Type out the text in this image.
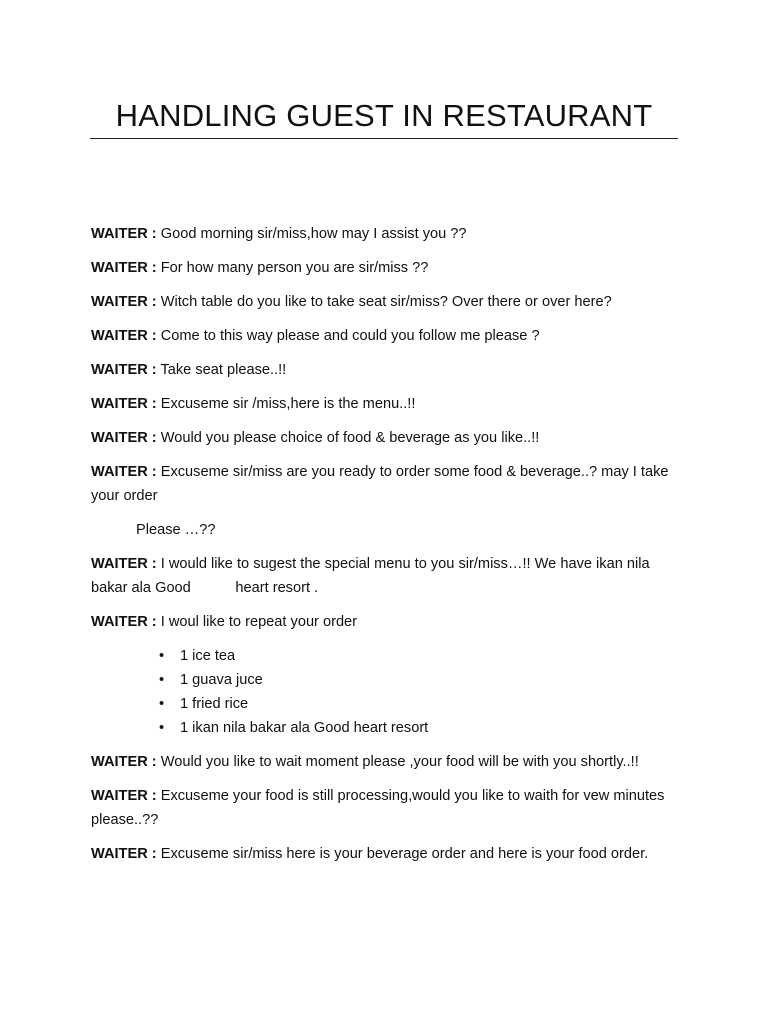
HANDLING GUEST IN RESTAURANT

WAITER : Good morning sir/miss,how may I assist you ??

WAITER : For how many person you are sir/miss ??

WAITER : Witch table do you like to take seat sir/miss? Over there or over here?

WAITER : Come to this way please and could you follow me please ?

WAITER : Take seat please..!!

WAITER : Excuseme sir /miss,here is the menu..!!

WAITER : Would you please choice of food & beverage as you like..!!

WAITER : Excuseme sir/miss are you ready to order some food & beverage..? may I take your order

Please …??

WAITER : I would like to sugest the special menu to you sir/miss…!! We have ikan nila bakar ala Good           heart resort .

WAITER : I woul like to repeat your order

• 1 ice tea
• 1 guava juce
• 1 fried rice
• 1 ikan nila bakar ala Good heart resort

WAITER : Would you like to wait moment please ,your food will be with you shortly..!!

WAITER : Excuseme your food is still processing,would you like to waith for vew minutes please..??

WAITER : Excuseme sir/miss here is your beverage order and here is your food order.
